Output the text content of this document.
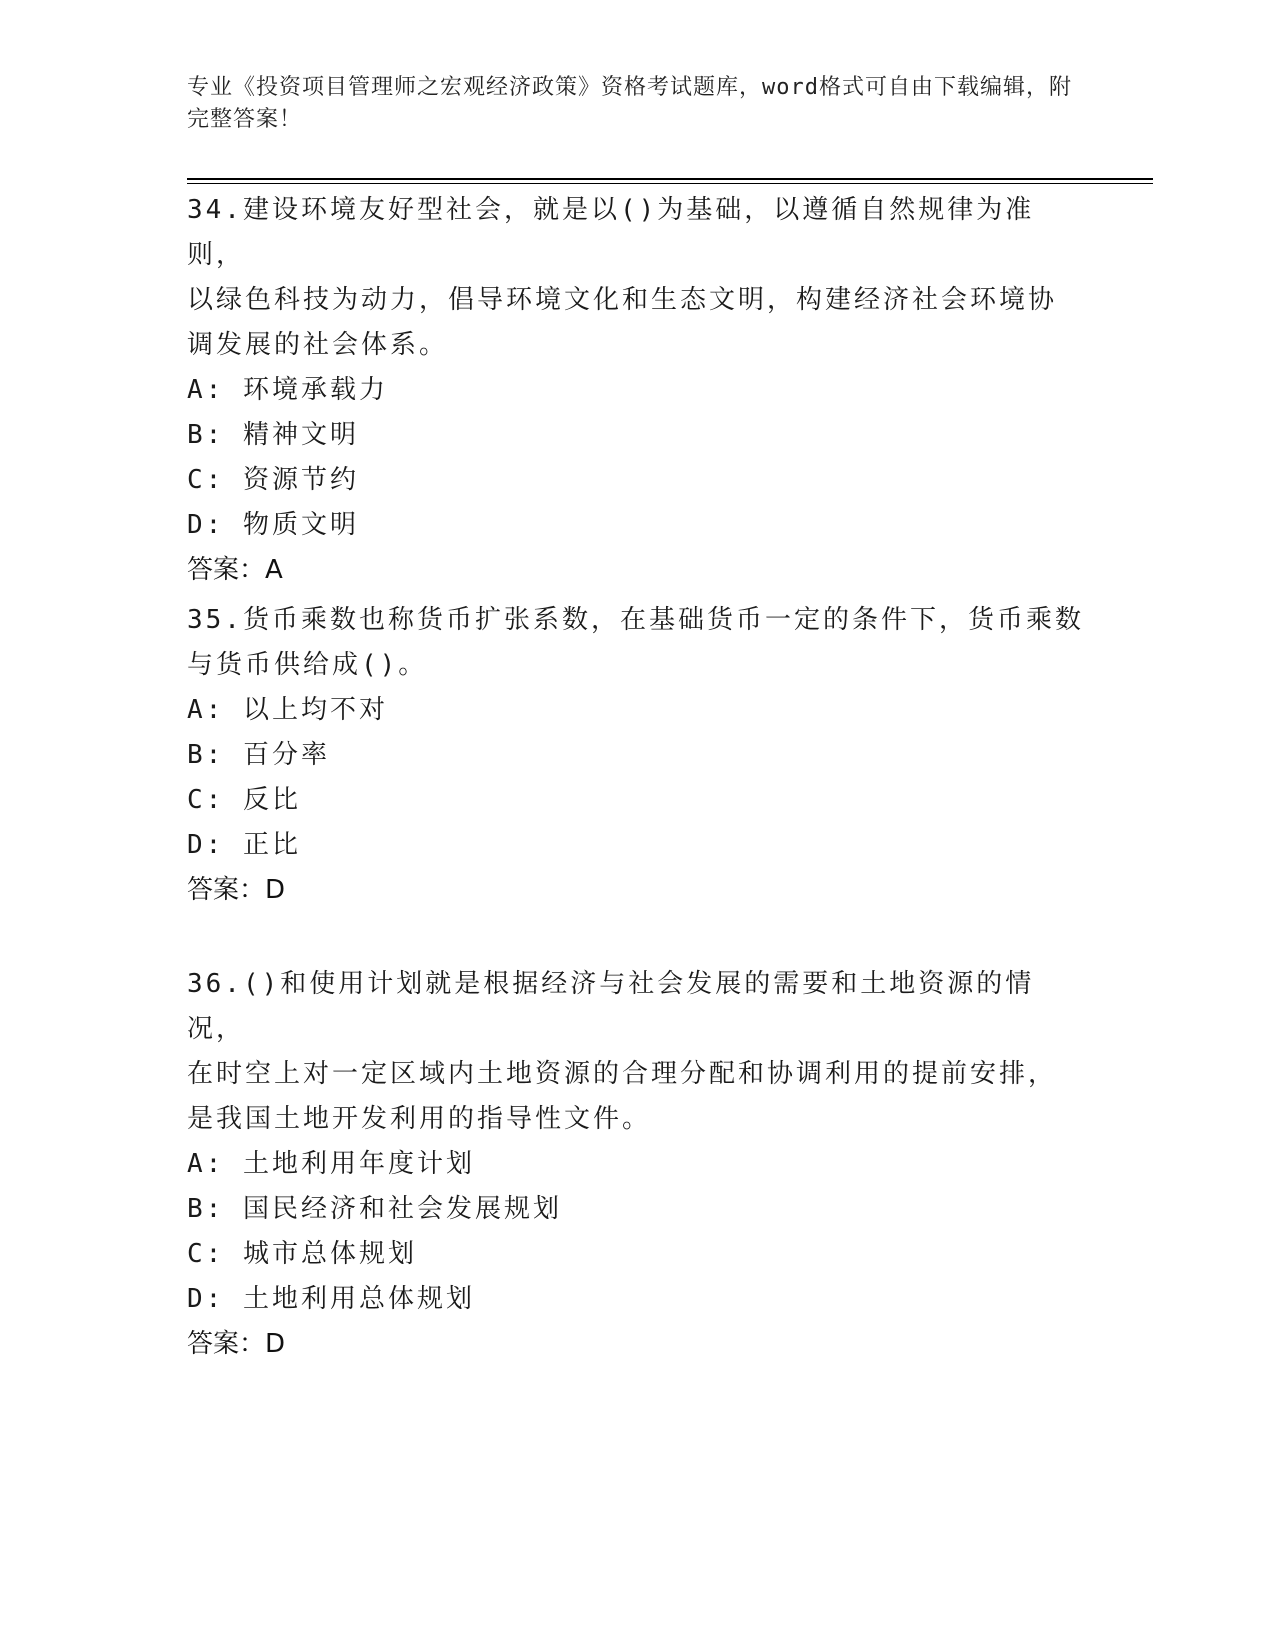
专业《投资项目管理师之宏观经济政策》资格考试题库，word格式可自由下载编辑，附完整答案！

34.建设环境友好型社会，就是以()为基础，以遵循自然规律为准则，

以绿色科技为动力，倡导环境文化和生态文明，构建经济社会环境协

调发展的社会体系。

A: 环境承载力

B: 精神文明

C: 资源节约

D: 物质文明

答案：A

35.货币乘数也称货币扩张系数，在基础货币一定的条件下，货币乘数

与货币供给成()。

A: 以上均不对

B: 百分率

C: 反比

D: 正比

答案：D

36.()和使用计划就是根据经济与社会发展的需要和土地资源的情况，

在时空上对一定区域内土地资源的合理分配和协调利用的提前安排，

是我国土地开发利用的指导性文件。

A: 土地利用年度计划

B: 国民经济和社会发展规划

C: 城市总体规划

D: 土地利用总体规划

答案：D
